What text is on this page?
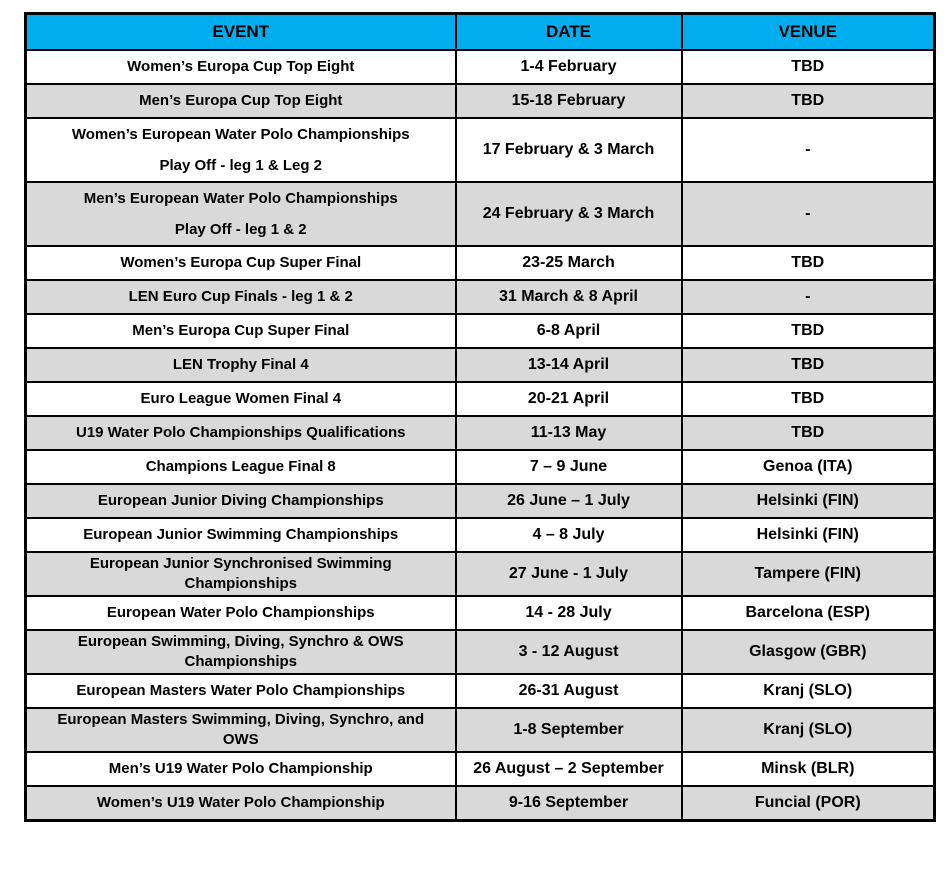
EVENT	DATE	VENUE

Women’s Europa Cup Top Eight	1-4 February	TBD

Men’s Europa Cup Top Eight	15-18 February	TBD

Women’s European Water Polo Championships
Play Off - leg 1 & Leg 2	17 February & 3 March	-

Men’s European Water Polo Championships
Play Off - leg 1 & 2	24 February & 3 March	-

Women’s Europa Cup Super Final	23-25 March	TBD

LEN Euro Cup Finals - leg 1 & 2	31 March & 8 April	-

Men’s Europa Cup Super Final	6-8 April	TBD

LEN Trophy Final 4	13-14 April	TBD

Euro League Women Final 4	20-21 April	TBD

U19 Water Polo Championships Qualifications	11-13 May	TBD

Champions League Final 8	7 – 9 June	Genoa (ITA)

European Junior Diving Championships	26 June – 1 July	Helsinki (FIN)

European Junior Swimming Championships	4 – 8 July	Helsinki (FIN)

European Junior Synchronised Swimming
Championships	27 June - 1 July	Tampere (FIN)

European Water Polo Championships	14 - 28 July	Barcelona (ESP)

European Swimming, Diving, Synchro & OWS
Championships	3 - 12 August	Glasgow (GBR)

European Masters Water Polo Championships	26-31 August	Kranj (SLO)

European Masters Swimming, Diving, Synchro, and
OWS	1-8 September	Kranj (SLO)

Men’s U19 Water Polo Championship	26 August – 2 September	Minsk (BLR)

Women’s U19 Water Polo Championship	9-16 September	Funcial (POR)
